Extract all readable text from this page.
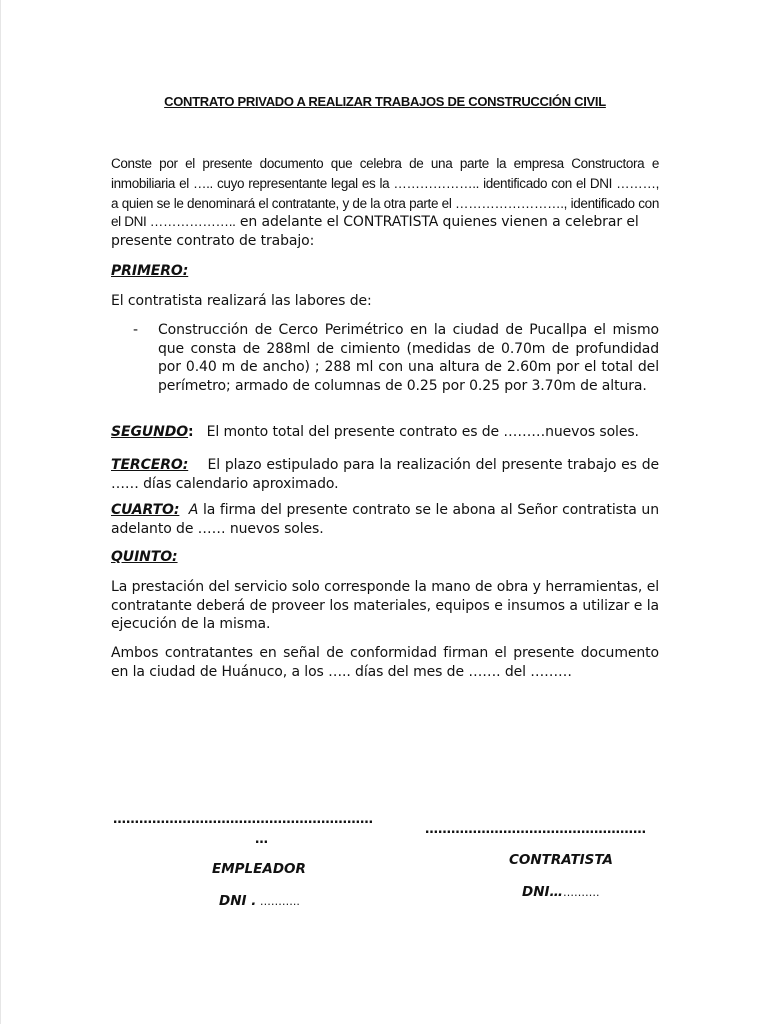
CONTRATO PRIVADO A REALIZAR TRABAJOS DE CONSTRUCCIÓN CIVIL
Conste por el presente documento que celebra de una parte la empresa Constructora e
inmobiliaria el ….. cuyo representante legal es la ……………….. identificado con el DNI ………,
a quien se le denominará el contratante, y de la otra parte el ……………………., identificado con
el DNI ……………….. en adelante el CONTRATISTA quienes vienen a celebrar el
presente contrato de trabajo:
PRIMERO:
El contratista realizará las labores de:
- Construcción de Cerco Perimétrico en la ciudad de Pucallpa el mismo que consta de 288ml de cimiento (medidas de 0.70m de profundidad por 0.40 m de ancho) ; 288 ml con una altura de 2.60m por el total del perímetro; armado de columnas de 0.25 por 0.25 por 3.70m de altura.
SEGUNDO:   El monto total del presente contrato es de ………nuevos soles.
TERCERO:    El plazo estipulado para la realización del presente trabajo es de …… días calendario aproximado.
CUARTO:  A la firma del presente contrato se le abona al Señor contratista un adelanto de …… nuevos soles.
QUINTO:
La prestación del servicio solo corresponde la mano de obra y herramientas, el contratante deberá de proveer los materiales, equipos e insumos a utilizar e la ejecución de la misma.
Ambos contratantes en señal de conformidad firman el presente documento en la ciudad de Huánuco, a los ….. días del mes de ……. del ………
……………………………………………………
…
EMPLEADOR
DNI . ………..
……………………………………………
CONTRATISTA
DNI………….
